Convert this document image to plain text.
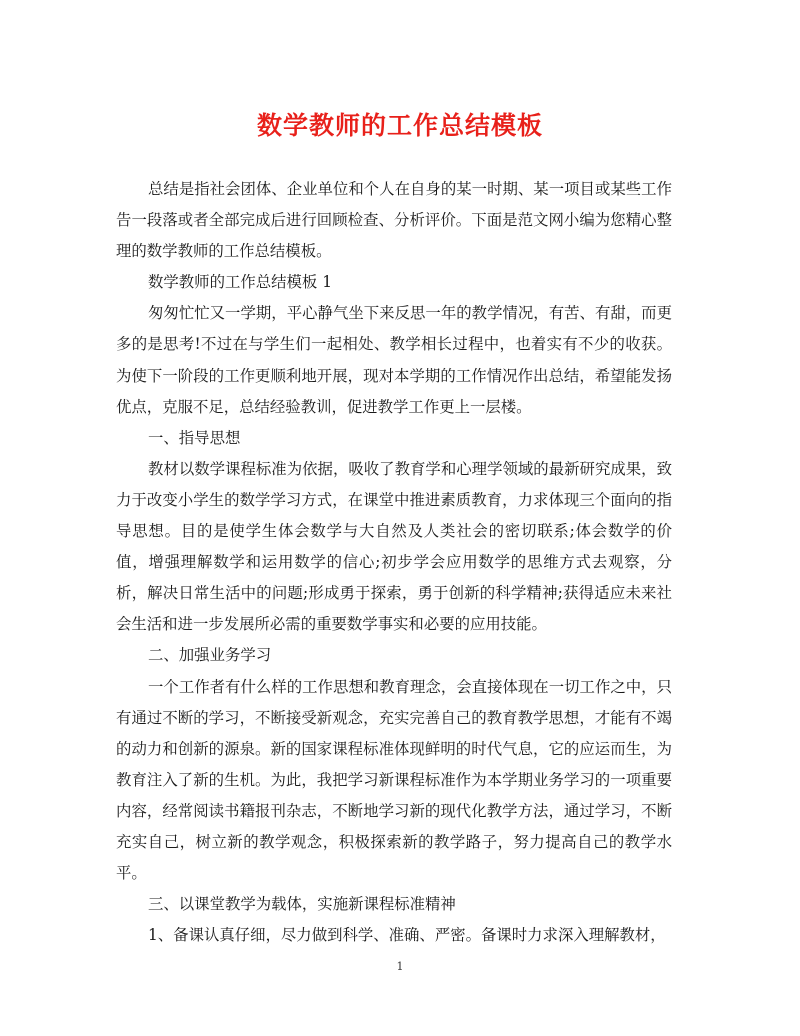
数学教师的工作总结模板

总结是指社会团体、企业单位和个人在自身的某一时期、某一项目或某些工作告一段落或者全部完成后进行回顾检查、分析评价。下面是范文网小编为您精心整理的数学教师的工作总结模板。

数学教师的工作总结模板 1

匆匆忙忙又一学期，平心静气坐下来反思一年的教学情况，有苦、有甜，而更多的是思考!不过在与学生们一起相处、教学相长过程中，也着实有不少的收获。为使下一阶段的工作更顺利地开展，现对本学期的工作情况作出总结，希望能发扬优点，克服不足，总结经验教训，促进教学工作更上一层楼。

一、指导思想

教材以数学课程标准为依据，吸收了教育学和心理学领域的最新研究成果，致力于改变小学生的数学学习方式，在课堂中推进素质教育，力求体现三个面向的指导思想。目的是使学生体会数学与大自然及人类社会的密切联系;体会数学的价值，增强理解数学和运用数学的信心;初步学会应用数学的思维方式去观察，分析，解决日常生活中的问题;形成勇于探索，勇于创新的科学精神;获得适应未来社会生活和进一步发展所必需的重要数学事实和必要的应用技能。

二、加强业务学习

一个工作者有什么样的工作思想和教育理念，会直接体现在一切工作之中，只有通过不断的学习，不断接受新观念，充实完善自己的教育教学思想，才能有不竭的动力和创新的源泉。新的国家课程标准体现鲜明的时代气息，它的应运而生，为教育注入了新的生机。为此，我把学习新课程标准作为本学期业务学习的一项重要内容，经常阅读书籍报刊杂志，不断地学习新的现代化教学方法，通过学习，不断充实自己，树立新的教学观念，积极探索新的教学路子，努力提高自己的教学水平。

三、以课堂教学为载体，实施新课程标准精神

1、备课认真仔细，尽力做到科学、准确、严密。备课时力求深入理解教材，

1
